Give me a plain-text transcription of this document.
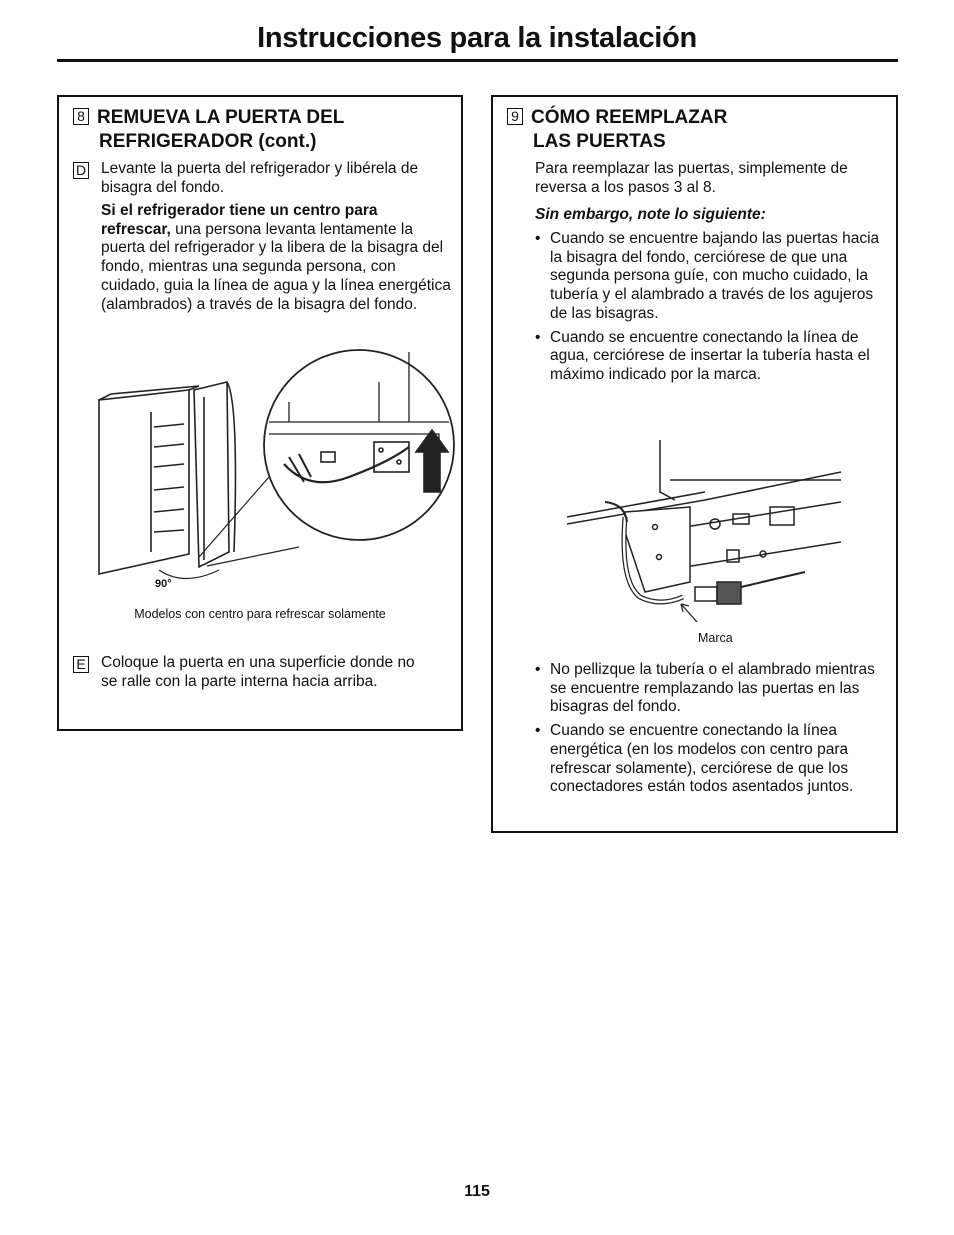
Instrucciones para la instalación
8 REMUEVA LA PUERTA DEL
REFRIGERADOR (cont.)
D Levante la puerta del refrigerador y libérela de bisagra del fondo.
Si el refrigerador tiene un centro para refrescar, una persona levanta lentamente la puerta del refrigerador y la libera de la bisagra del fondo, mientras una segunda persona, con cuidado, guia la línea de agua y la línea energética (alambrados) a través de la bisagra del fondo.
90°
Modelos con centro para refrescar solamente
E Coloque la puerta en una superficie donde no se ralle con la parte interna hacia arriba.
9 CÓMO REEMPLAZAR
LAS PUERTAS
Para reemplazar las puertas, simplemente de reversa a los pasos 3 al 8.
Sin embargo, note lo siguiente:
• Cuando se encuentre bajando las puertas hacia la bisagra del fondo, cerciórese de que una segunda persona guíe, con mucho cuidado, la tubería y el alambrado a través de los agujeros de las bisagras.
• Cuando se encuentre conectando la línea de agua, cerciórese de insertar la tubería hasta el máximo indicado por la marca.
Marca
• No pellizque la tubería o el alambrado mientras se encuentre remplazando las puertas en las bisagras del fondo.
• Cuando se encuentre conectando la línea energética (en los modelos con centro para refrescar solamente), cerciórese de que los conectadores están todos asentados juntos.
115
